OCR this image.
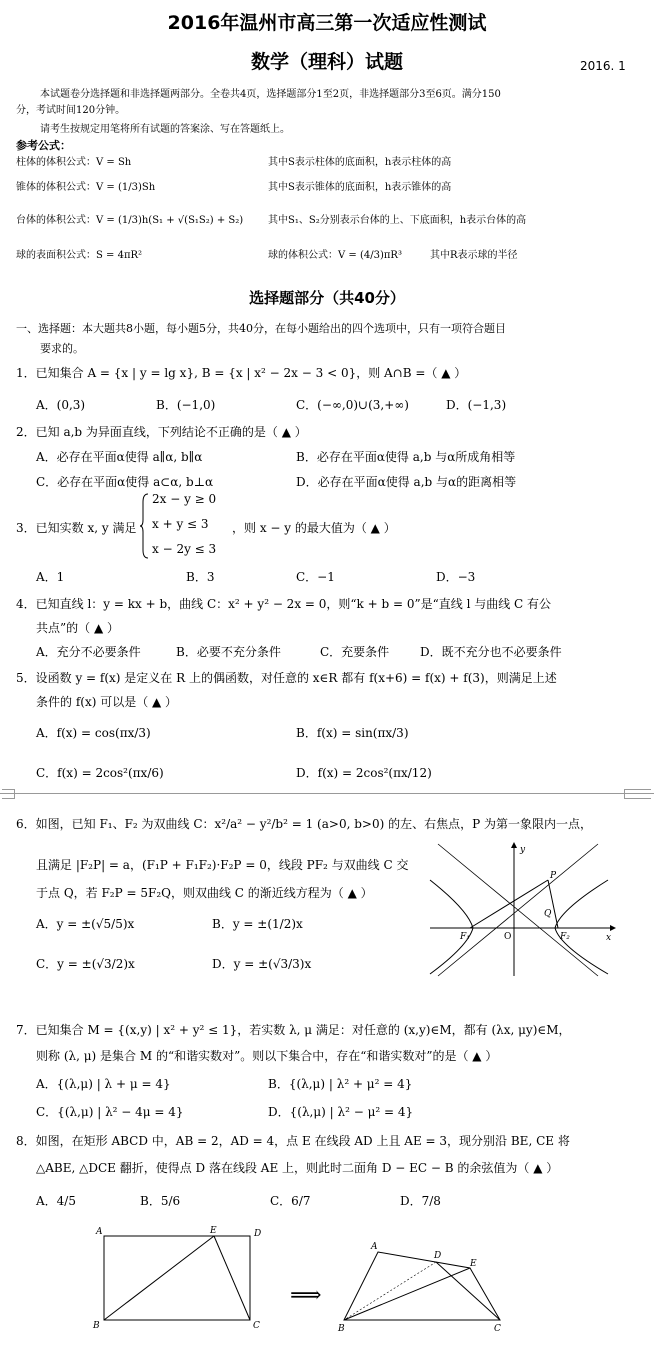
2016年温州市高三第一次适应性测试
数学（理科）试题	2016. 1
本试题卷分选择题和非选择题两部分。全卷共4页，选择题部分1至2页，非选择题部分3至6页。满分150
分，考试时间120分钟。
请考生按规定用笔将所有试题的答案涂、写在答题纸上。
参考公式：
柱体的体积公式：V = Sh	其中S表示柱体的底面积，h表示柱体的高
锥体的体积公式：V = (1/3)Sh	其中S表示锥体的底面积，h表示锥体的高
台体的体积公式：V = (1/3)h(S₁ + √(S₁S₂) + S₂) 其中S₁、S₂分别表示台体的上、下底面积，h表示台体的高
球的表面积公式：S = 4πR²	球的体积公式：V = (4/3)πR³	其中R表示球的半径
选择题部分（共40分）
一、选择题：本大题共8小题，每小题5分，共40分，在每小题给出的四个选项中，只有一项符合题目
要求的。
1．已知集合 A = {x | y = lg x}, B = {x | x² − 2x − 3 < 0}，则 A∩B =（ ▲ ）
A．(0,3)	B．(−1,0)	C．(−∞,0)∪(3,+∞)	D．(−1,3)
2．已知 a,b 为异面直线，下列结论不正确的是（ ▲ ）
A．必存在平面α使得 a∥α, b∥α	B．必存在平面α使得 a,b 与α所成角相等
C．必存在平面α使得 a⊂α, b⊥α	D．必存在平面α使得 a,b 与α的距离相等
3．已知实数 x, y 满足
2x − y ≥ 0
x + y ≤ 3
x − 2y ≤ 3
，则 x − y 的最大值为（ ▲ ）
A．1	B．3	C．−1	D．−3
4．已知直线 l：y = kx + b，曲线 C：x² + y² − 2x = 0，则“k + b = 0”是“直线 l 与曲线 C 有公
共点”的（ ▲ ）
A．充分不必要条件	B．必要不充分条件	C．充要条件	D．既不充分也不必要条件
5．设函数 y = f(x) 是定义在 R 上的偶函数，对任意的 x∈R 都有 f(x+6) = f(x) + f(3)，则满足上述
条件的 f(x) 可以是（ ▲ ）
A．f(x) = cos(πx/3)	B．f(x) = sin(πx/3)
C．f(x) = 2cos²(πx/6)	D．f(x) = 2cos²(πx/12)
6．如图，已知 F₁、F₂ 为双曲线 C：x²/a² − y²/b² = 1 (a>0, b>0) 的左、右焦点，P 为第一象限内一点，
且满足 |F₂P| = a，(F₁P + F₁F₂)·F₂P = 0，线段 PF₂ 与双曲线 C 交
于点 Q，若 F₂P = 5F₂Q，则双曲线 C 的渐近线方程为（ ▲ ）
A．y = ±(√5/5)x	B．y = ±(1/2)x
C．y = ±(√3/2)x	D．y = ±(√3/3)x
y
x
O
P
Q
F₁	F₂
7．已知集合 M = {(x,y) | x² + y² ≤ 1}，若实数 λ, μ 满足：对任意的 (x,y)∈M，都有 (λx, μy)∈M，
则称 (λ, μ) 是集合 M 的“和谐实数对”。则以下集合中，存在“和谐实数对”的是（ ▲ ）
A．{(λ,μ) | λ + μ = 4}	B．{(λ,μ) | λ² + μ² = 4}
C．{(λ,μ) | λ² − 4μ = 4}	D．{(λ,μ) | λ² − μ² = 4}
8．如图，在矩形 ABCD 中，AB = 2，AD = 4，点 E 在线段 AD 上且 AE = 3，现分别沿 BE, CE 将
△ABE, △DCE 翻折，使得点 D 落在线段 AE 上，则此时二面角 D − EC − B 的余弦值为（ ▲ ）
A．4/5	B．5/6	C．6/7	D．7/8
A	E	D
B	C
⟹
A
D
E
B	C
